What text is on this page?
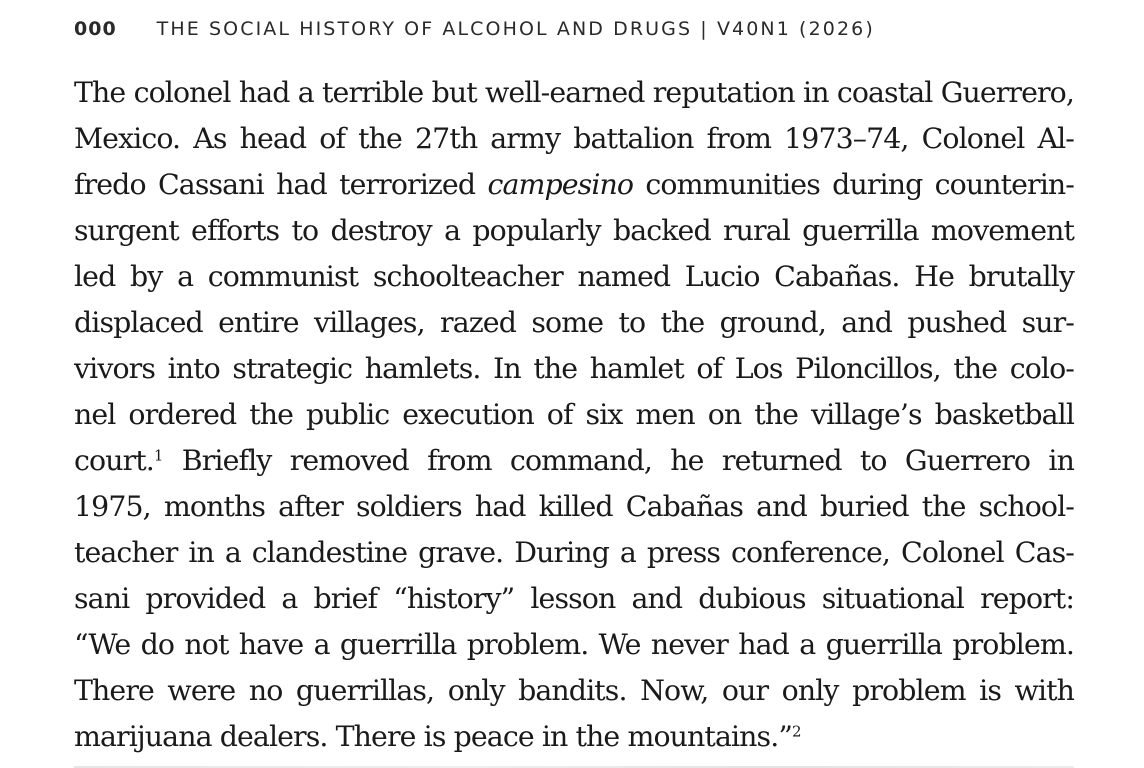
000 THE SOCIAL HISTORY OF ALCOHOL AND DRUGS | V40N1 (2026)
The colonel had a terrible but well-earned reputation in coastal Guerrero,
Mexico. As head of the 27th army battalion from 1973–74, Colonel Al-
fredo Cassani had terrorized campesino communities during counterin-
surgent efforts to destroy a popularly backed rural guerrilla movement
led by a communist schoolteacher named Lucio Cabañas. He brutally
displaced entire villages, razed some to the ground, and pushed sur-
vivors into strategic hamlets. In the hamlet of Los Piloncillos, the colo-
nel ordered the public execution of six men on the village’s basketball
court.$^1$ Briefly removed from command, he returned to Guerrero in
1975, months after soldiers had killed Cabañas and buried the school-
teacher in a clandestine grave. During a press conference, Colonel Cas-
sani provided a brief “history” lesson and dubious situational report:
“We do not have a guerrilla problem. We never had a guerrilla problem.
There were no guerrillas, only bandits. Now, our only problem is with
marijuana dealers. There is peace in the mountains.”$^2$
